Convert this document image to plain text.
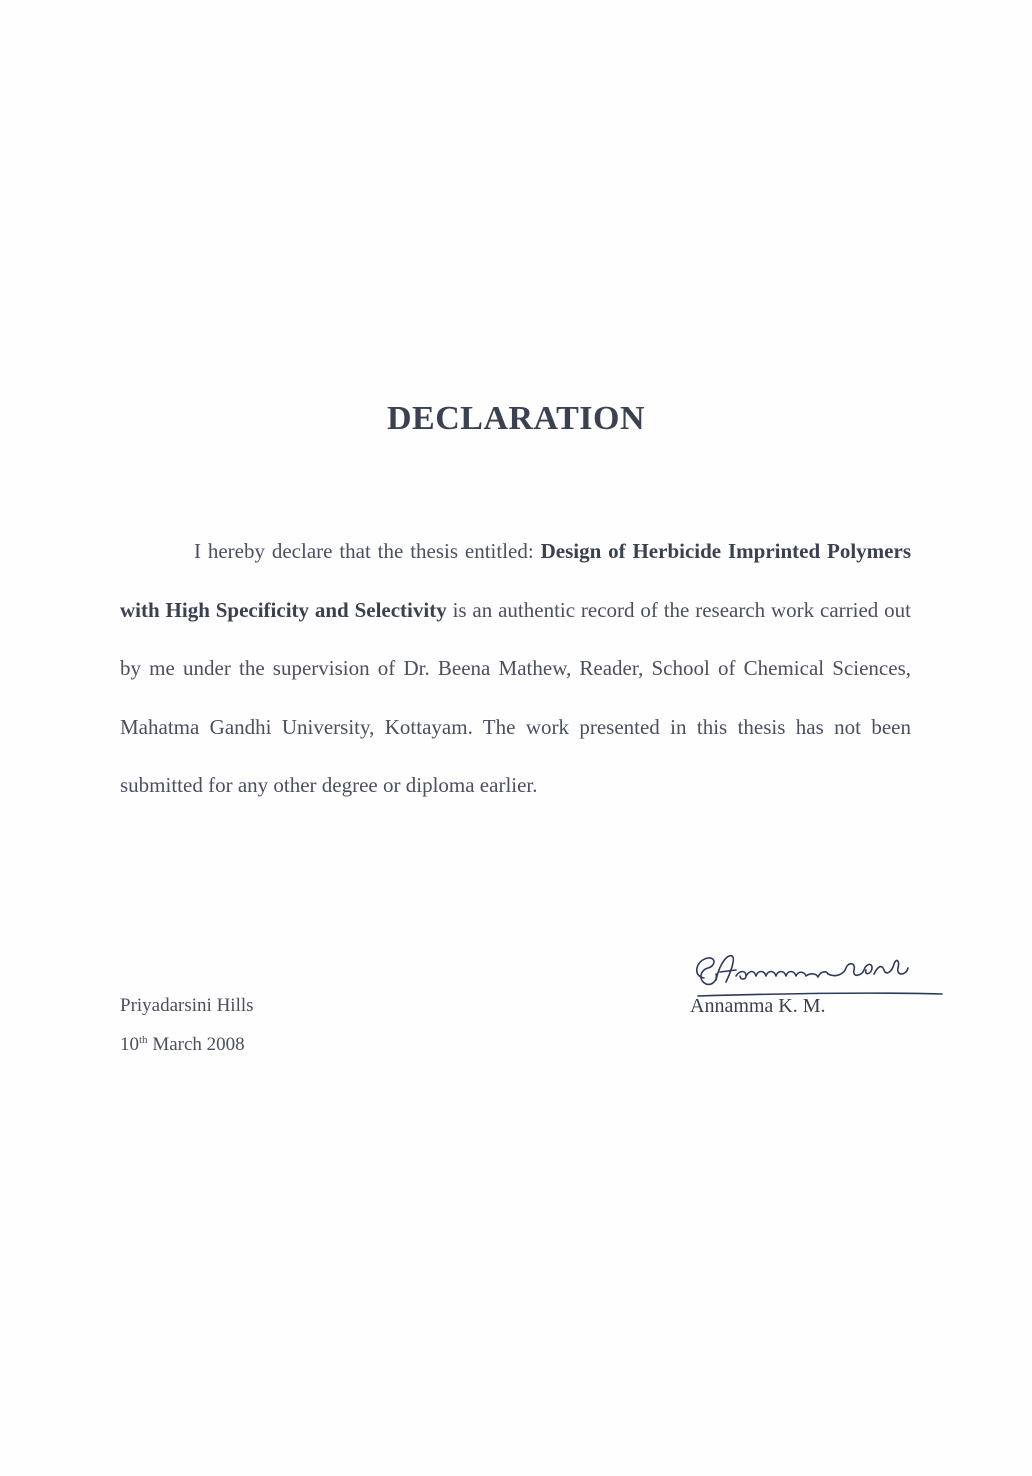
DECLARATION
I hereby declare that the thesis entitled: Design of Herbicide Imprinted Polymers with High Specificity and Selectivity is an authentic record of the research work carried out by me under the supervision of Dr. Beena Mathew, Reader, School of Chemical Sciences, Mahatma Gandhi University, Kottayam. The work presented in this thesis has not been submitted for any other degree or diploma earlier.
Priyadarsini Hills
10th March 2008
Annamma K. M.
